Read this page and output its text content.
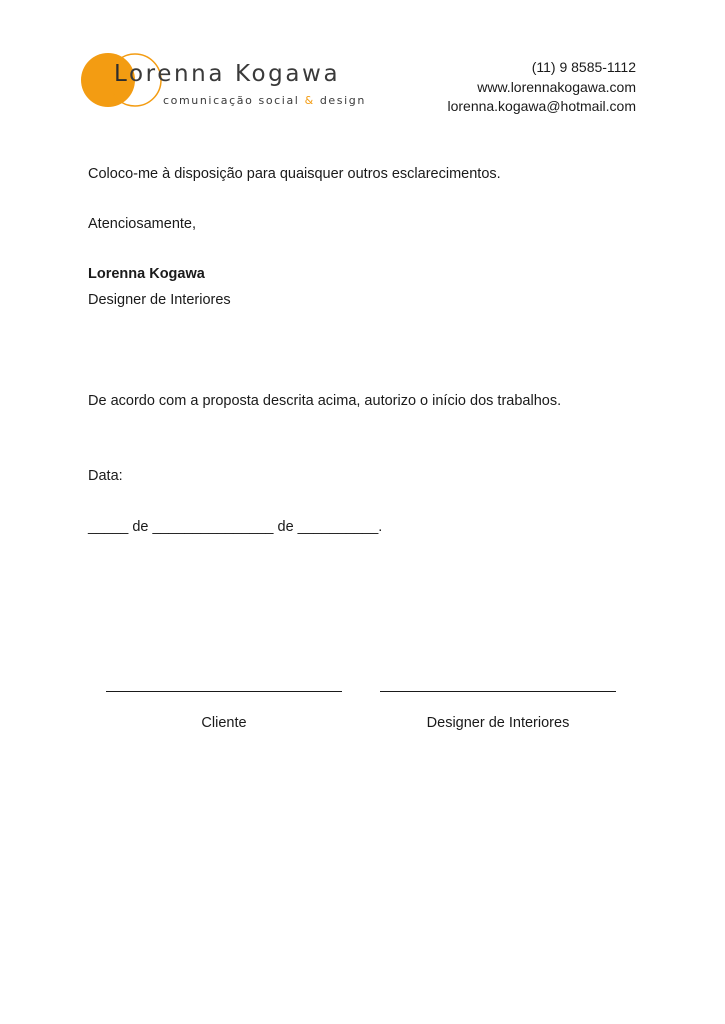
Lorenna Kogawa
comunicação social & design
(11) 9 8585-1112
www.lorennakogawa.com
lorenna.kogawa@hotmail.com
Coloco-me à disposição para quaisquer outros esclarecimentos.
Atenciosamente,
Lorenna Kogawa
Designer de Interiores
De acordo com a proposta descrita acima, autorizo o início dos trabalhos.
Data:
_____ de _______________ de __________.
Cliente	Designer de Interiores
